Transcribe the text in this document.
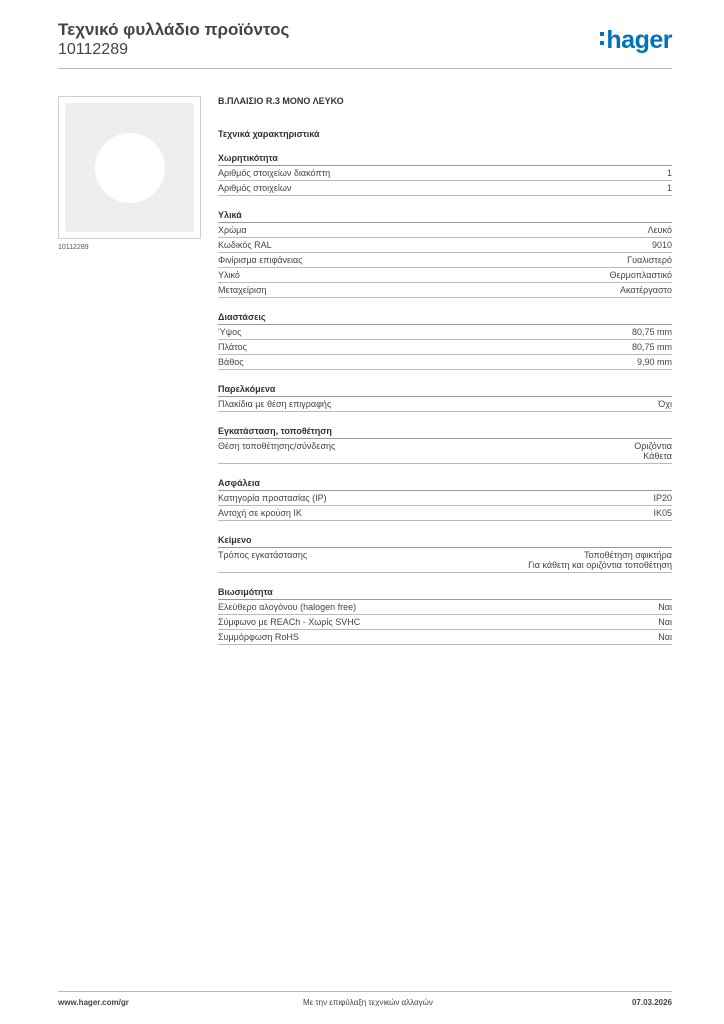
Τεχνικό φυλλάδιο προϊόντος
10112289	hager
10112289
Β.ΠΛΑΙΣΙΟ R.3 ΜΟΝΟ ΛΕΥΚΟ
Τεχνικά χαρακτηριστικά
Χωρητικότητα
Αριθμός στοιχείων διακόπτη	1
Αριθμός στοιχείων	1
Υλικά
Χρώμα	Λευκό
Κωδικός RAL	9010
Φινίρισμα επιφάνειας	Γυαλιστερό
Υλικό	Θερμοπλαστικό
Μεταχείριση	Ακατέργαστο
Διαστάσεις
Ύψος	80,75 mm
Πλάτος	80,75 mm
Βάθος	9,90 mm
Παρελκόμενα
Πλακίδια με θέση επιγραφής	Όχι
Εγκατάσταση, τοποθέτηση
Θέση τοποθέτησης/σύνδεσης	Οριζόντια
Κάθετα
Ασφάλεια
Κατηγορία προστασίας (IP)	IP20
Αντοχή σε κρούση IK	IK05
Κείμενο
Τρόπος εγκατάστασης	Τοποθέτηση σφικτήρα
Για κάθετη και οριζόντια τοποθέτηση
Βιωσιμότητα
Ελεύθερο αλογόνου (halogen free)	Ναι
Σύμφωνο με REACh - Χωρίς SVHC	Ναι
Συμμόρφωση RoHS	Ναι
www.hager.com/gr	Με την επιφύλαξη τεχνικών αλλαγών	07.03.2026
